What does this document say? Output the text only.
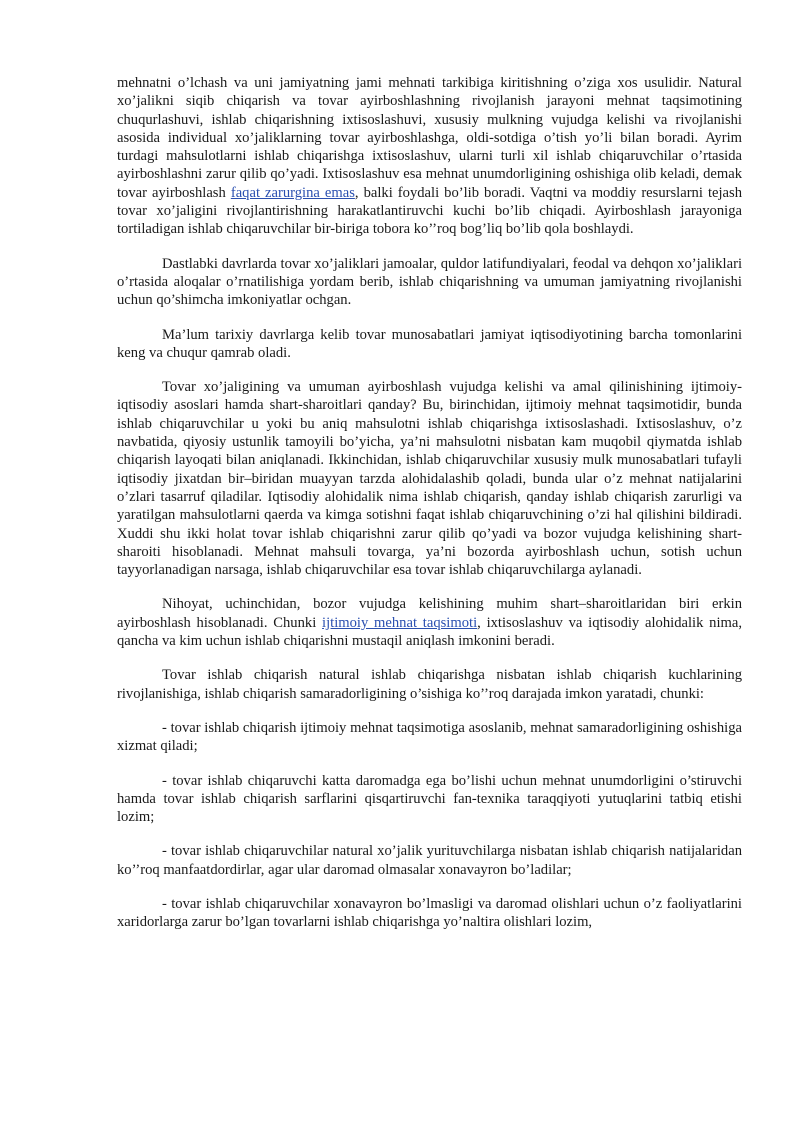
mehnatni o’lchash va uni jamiyatning jami mehnati tarkibiga kiritishning o’ziga xos usulidir. Natural xo’jalikni siqib chiqarish va tovar ayirboshlashning rivojlanish jarayoni mehnat taqsimotining chuqurlashuvi, ishlab chiqarishning ixtisoslashuvi, xususiy mulkning vujudga kelishi va rivojlanishi asosida individual xo’jaliklarning tovar ayirboshlashga, oldi-sotdiga o’tish yo’li bilan boradi. Ayrim turdagi mahsulotlarni ishlab chiqarishga ixtisoslashuv, ularni turli xil ishlab chiqaruvchilar o’rtasida ayirboshlashni zarur qilib qo’yadi. Ixtisoslashuv esa mehnat unumdorligining oshishiga olib keladi, demak tovar ayirboshlash faqat zarurgina emas, balki foydali bo’lib boradi. Vaqtni va moddiy resurslarni tejash tovar xo’jaligini rivojlantirishning harakatlantiruvchi kuchi bo’lib chiqadi. Ayirboshlash jarayoniga tortiladigan ishlab chiqaruvchilar bir-biriga tobora ko’’roq bog’liq bo’lib qola boshlaydi.

Dastlabki davrlarda tovar xo’jaliklari jamoalar, quldor latifundiyalari, feodal va dehqon xo’jaliklari o’rtasida aloqalar o’rnatilishiga yordam berib, ishlab chiqarishning va umuman jamiyatning rivojlanishi uchun qo’shimcha imkoniyatlar ochgan.

Ma’lum tarixiy davrlarga kelib tovar munosabatlari jamiyat iqtisodiyotining barcha tomonlarini keng va chuqur qamrab oladi.

Tovar xo’jaligining va umuman ayirboshlash vujudga kelishi va amal qilinishining ijtimoiy-iqtisodiy asoslari hamda shart-sharoitlari qanday? Bu, birinchidan, ijtimoiy mehnat taqsimotidir, bunda ishlab chiqaruvchilar u yoki bu aniq mahsulotni ishlab chiqarishga ixtisoslashadi. Ixtisoslashuv, o’z navbatida, qiyosiy ustunlik tamoyili bo’yicha, ya’ni mahsulotni nisbatan kam muqobil qiymatda ishlab chiqarish layoqati bilan aniqlanadi. Ikkinchidan, ishlab chiqaruvchilar xususiy mulk munosabatlari tufayli iqtisodiy jixatdan bir–biridan muayyan tarzda alohidalashib qoladi, bunda ular o’z mehnat natijalarini o’zlari tasarruf qiladilar. Iqtisodiy alohidalik nima ishlab chiqarish, qanday ishlab chiqarish zarurligi va yaratilgan mahsulotlarni qaerda va kimga sotishni faqat ishlab chiqaruvchining o’zi hal qilishini bildiradi. Xuddi shu ikki holat tovar ishlab chiqarishni zarur qilib qo’yadi va bozor vujudga kelishining shart-sharoiti hisoblanadi. Mehnat mahsuli tovarga, ya’ni bozorda ayirboshlash uchun, sotish uchun tayyorlanadigan narsaga, ishlab chiqaruvchilar esa tovar ishlab chiqaruvchilarga aylanadi.

Nihoyat, uchinchidan, bozor vujudga kelishining muhim shart–sharoitlaridan biri erkin ayirboshlash hisoblanadi. Chunki ijtimoiy mehnat taqsimoti, ixtisoslashuv va iqtisodiy alohidalik nima, qancha va kim uchun ishlab chiqarishni mustaqil aniqlash imkonini beradi.

Tovar ishlab chiqarish natural ishlab chiqarishga nisbatan ishlab chiqarish kuchlarining rivojlanishiga, ishlab chiqarish samaradorligining o’sishiga ko’’roq darajada imkon yaratadi, chunki:

- tovar ishlab chiqarish ijtimoiy mehnat taqsimotiga asoslanib, mehnat samaradorligining oshishiga xizmat qiladi;

- tovar ishlab chiqaruvchi katta daromadga ega bo’lishi uchun mehnat unumdorligini o’stiruvchi hamda tovar ishlab chiqarish sarflarini qisqartiruvchi fan-texnika taraqqiyoti yutuqlarini tatbiq etishi lozim;

- tovar ishlab chiqaruvchilar natural xo’jalik yurituvchilarga nisbatan ishlab chiqarish natijalaridan ko’’roq manfaatdordirlar, agar ular daromad olmasalar xonavayron bo’ladilar;

- tovar ishlab chiqaruvchilar xonavayron bo’lmasligi va daromad olishlari uchun o’z faoliyatlarini xaridorlarga zarur bo’lgan tovarlarni ishlab chiqarishga yo’naltira olishlari lozim,
